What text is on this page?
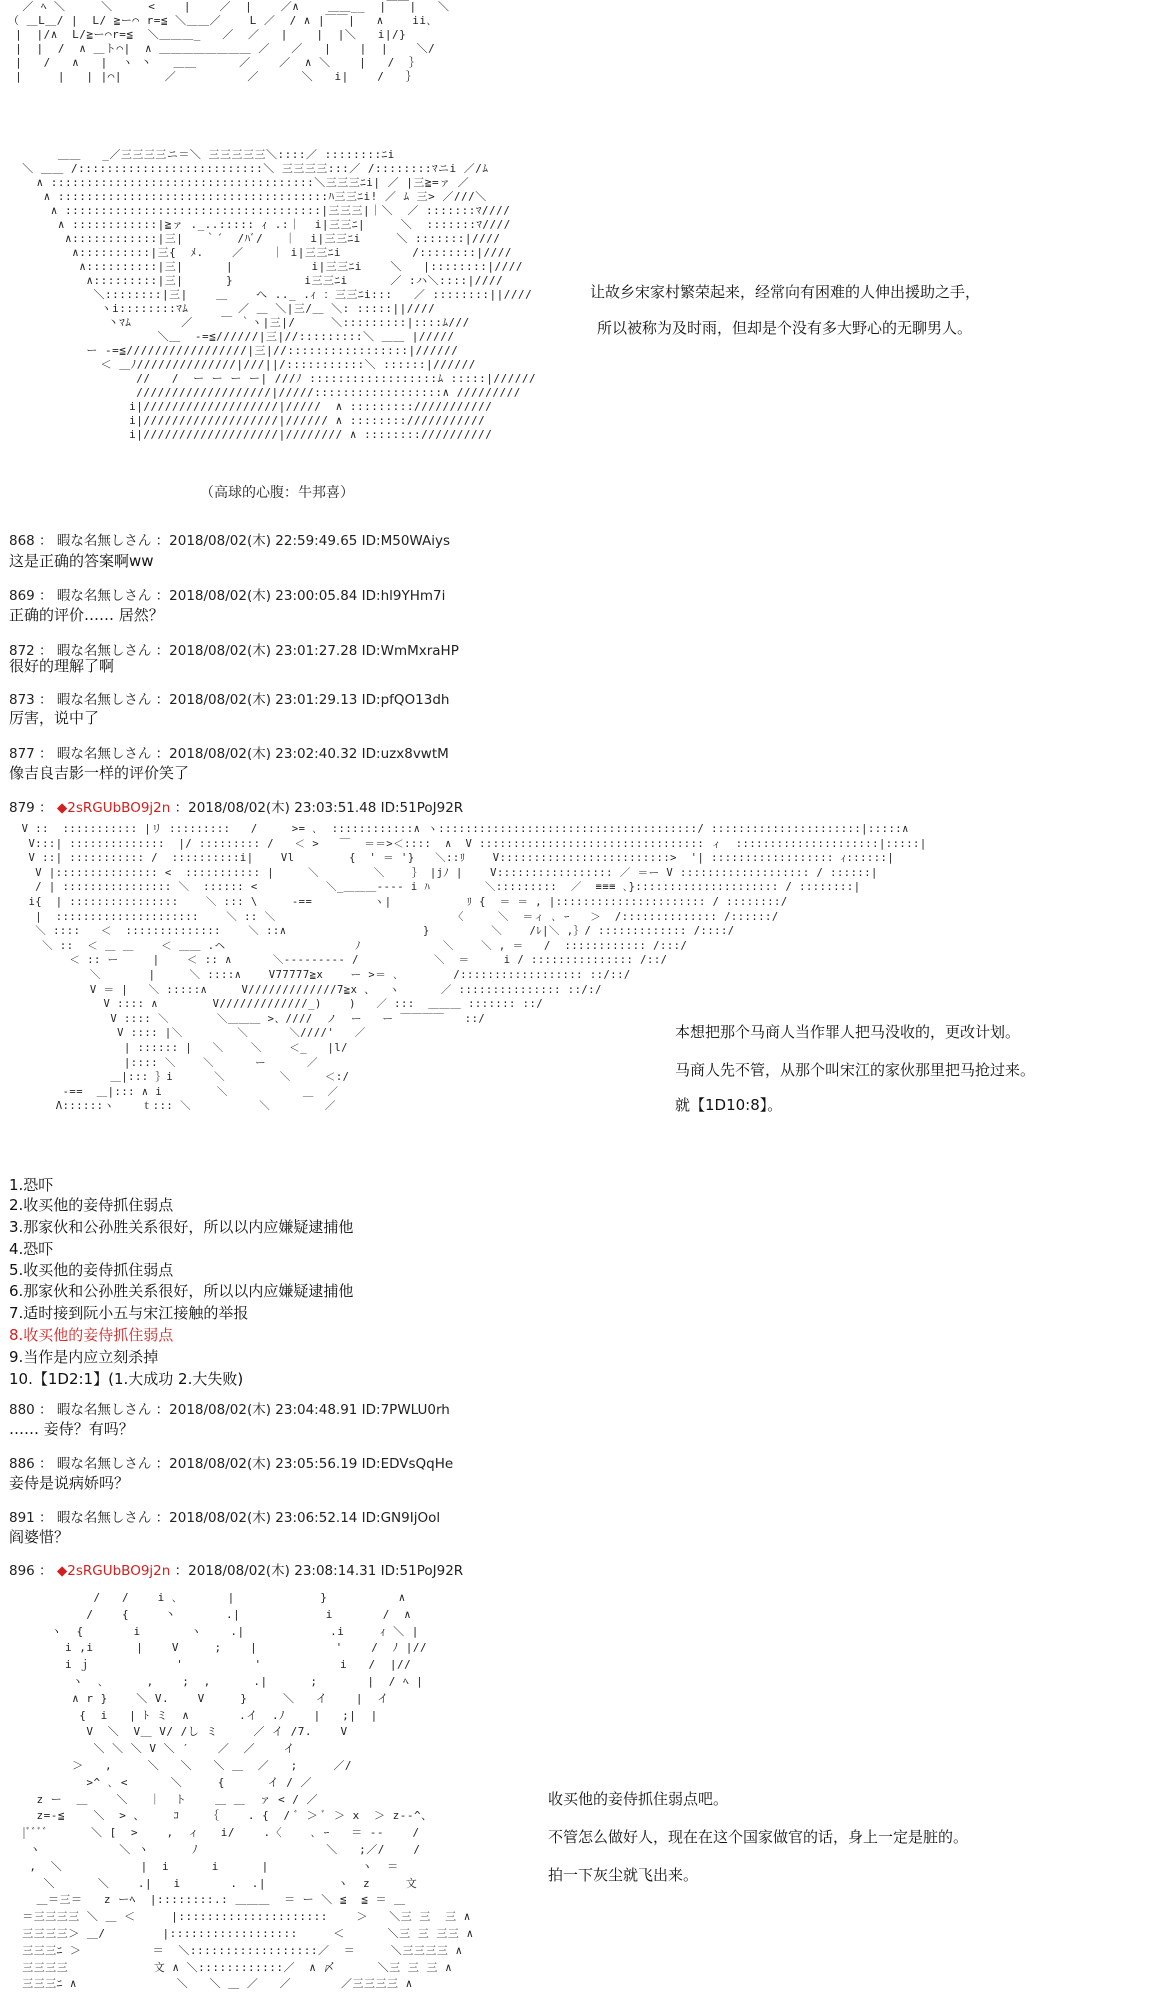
／ ﾍ ＼     ＼     <    |    ／  |    ／∧    ＿＿__  |￣￣|   ＼
（ ＿L＿/ |  L/ ≧ー⌒ r=≦ ＼＿＿／    L ／  / ∧ |￣￣|   ∧    ii､
|  |/∧  L/≧ー⌒r=≦  ＼＿＿＿_   ／  ／   |    |  |＼   i|/}
|  |  /  ∧ ＿ト⌒|  ∧ ＿＿＿＿＿＿＿＿ ／   ／   |    |  |    ＼/
|   /   ∧   |  ヽ 丶   ＿＿      ／    ／  ∧ ＼    |   /  ｝
|     |   | |⌒|      ／          ／      ＼   i|    /   ｝
＿＿   _／三三三三ニ＝＼ 三三三三三＼::::／ ::::::::ﾆi
＼ ＿＿ /::::::::::::::::::::::::::＼ 三三三三:::／ /::::::::ﾏニi ／/ﾑ
∧ :::::::::::::::::::::::::::::::::::::＼三三三ﾆi| ／ |三≧=ァ ／
∧ ::::::::::::::::::::::::::::::::::::::ﾊ三三ﾆi! ／ ﾑ 三> ／///＼
∧ ::::::::::::::::::::::::::::::::::::|三三三|｜＼  ／ :::::::ﾏ////
∧ ::::::::::::|≧ァ ._..::::: ｨ .:｜  i|三三ﾆ|     ＼  :::::::ﾏ////
∧::::::::::::|三|   ｀´  /ﾊﾞ/   ｜  i|三三ﾆi     ＼ :::::::|////
∧::::::::::|三{  ﾒ.    ／    ｜ i|三三ﾆi          /::::::::|////
∧::::::::::|三|      |           i|三三ﾆi    ＼   |::::::::|////
∧:::::::::|三|      }          i三三ﾆi      ／ :ハ＼::::|////
＼::::::::|三|    ＿    へ .._ .ｨ ：三三ﾆi:::   ／ ::::::::||////
ヽi::::::::ﾏﾑ       ／ ＿ ＼|三/＿ ＼: :::::||////
丶ﾏﾑ       ／    ￣ ｀ヽ|三|/     ＼:::::::::|::::ﾑ///
＼＿  -=≦//////|三|//:::::::::＼ ＿＿ |/////
ー -=≦/////////////////|三|//:::::::::::::::::|//////
＜ ＿ﾉ//////////////|///||/:::::::::::＼ ::::::|//////
//   /  ー ー ー ー| ///ﾉ ::::::::::::::::::ﾑ :::::|//////
///////////////////|/////::::::::::::::::::∧ /////////
i|///////////////////|/////  ∧ :::::::::///////////
i|///////////////////|////// ∧ ::::::::///////////
i|///////////////////|//////// ∧ :::::::://////////
（高球的心腹：牛邦喜）

让故乡宋家村繁荣起来，经常向有困难的人伸出援助之手，

所以被称为及时雨，但却是个没有多大野心的无聊男人。

868 ： 暇な名無しさん ：2018/08/02(木) 22:59:49.65 ID:M50WAiys

这是正确的答案啊ww

869 ： 暇な名無しさん ：2018/08/02(木) 23:00:05.84 ID:hl9YHm7i

正确的评价…… 居然？

872 ： 暇な名無しさん ：2018/08/02(木) 23:01:27.28 ID:WmMxraHP

很好的理解了啊

873 ： 暇な名無しさん ：2018/08/02(木) 23:01:29.13 ID:pfQO13dh

厉害，说中了

877 ： 暇な名無しさん ：2018/08/02(木) 23:02:40.32 ID:uzx8vwtM

像吉良吉影一样的评价笑了

879 ： ◆2sRGUbBO9j2n ：2018/08/02(木) 23:03:51.48 ID:51PoJ92R

V ::  ::::::::::: |リ :::::::::   /     >= ､  ::::::::::::∧ ヽ::::::::::::::::::::::::::::::::::::::/ ::::::::::::::::::::::|:::::∧
V:::| ::::::::::::::  |/ ::::::::: /   ＜ >   ￣  ＝＝>＜::::  ∧  V ::::::::::::::::::::::::::::::::: ィ  :::::::::::::::::::::|:::::|
V ::| ::::::::::: /  ::::::::::i|    Vl        {  ' ＝ '}   ＼::ﾘ    V:::::::::::::::::::::::::>  '| :::::::::::::::::: ｨ::::::|
V |::::::::::::::: <  ::::::::::: |     ＼        ＼    ｝ |jﾉ |    V::::::::::::::::: ／ ＝ー V ::::::::::::::::::: / ::::::|
/ | :::::::::::::::: ＼  :::::: <          ＼_＿＿＿---- i ﾊ        ＼:::::::::  ／  ≡≡≡ ､}::::::::::::::::::::: / ::::::::|
i{  | ::::::::::::::::    ＼ ::: \     -==         ヽ|           ﾘ {  ＝ ＝ , |:::::::::::::::::::::: / ::::::::/
|  :::::::::::::::::::::    ＼ :: ＼                          〈     ＼  ＝ィ ､ ｰ   ＞  /:::::::::::::: /::::::/
＼ ::::   ＜  ::::::::::::::    ＼ ::∧                    }         ＼    /ﾚ|＼ ,｝/ ::::::::::::: /::::/
＼ ::  ＜ ＿ ＿    ＜ ＿＿ .ヘ                   ﾉ            ＼    ＼ , ＝   /  :::::::::::: /:::/
＜ :: ー     |    ＜ :: ∧      ＼--------- /           ＼  ＝     i / ::::::::::::::: /::/
＼       |     ＼ ::::∧    V77777≧x    ー >＝ ､        /:::::::::::::::::: ::/::/
V ＝ |   ＼ :::::∧     V/////////////7≧x 、  ヽ      ／ ::::::::::::::: ::/:/
V :::: ∧        V/////////////_)    )   ／ :::  ＿＿＿ ::::::: ::/
V :::: ＼       ＼＿＿＿ >、////  ノ  ー   ー ￣￣￣￣   ::/
V :::: |＼        ＼      ＼////'   ／
| :::::: |   ＼    ＼    ＜_   |l/
|:::: ＼    ＼      ー      ／
＿|::: ｝i      ＼        ＼     ＜:/
-==  ＿|::: ∧ i        ＼           ＿  ／
Λ::::::ヽ    ｔ::: ＼          ＼        ／

本想把那个马商人当作罪人把马没收的，更改计划。

马商人先不管，从那个叫宋江的家伙那里把马抢过来。

就【1D10:8】。

1.恐吓

2.收买他的妾侍抓住弱点

3.那家伙和公孙胜关系很好，所以以内应嫌疑逮捕他

4.恐吓

5.收买他的妾侍抓住弱点

6.那家伙和公孙胜关系很好，所以以内应嫌疑逮捕他

7.适时接到阮小五与宋江接触的举报

8.收买他的妾侍抓住弱点

9.当作是内应立刻杀掉

10.【1D2:1】(1.大成功 2.大失败)

880 ： 暇な名無しさん ：2018/08/02(木) 23:04:48.91 ID:7PWLU0rh

…… 妾侍？有吗？

886 ： 暇な名無しさん ：2018/08/02(木) 23:05:56.19 ID:EDVsQqHe

妾侍是说病娇吗？

891 ： 暇な名無しさん ：2018/08/02(木) 23:06:52.14 ID:GN9IjOol

阎婆惜？

896 ： ◆2sRGUbBO9j2n ：2018/08/02(木) 23:08:14.31 ID:51PoJ92R

/   /    i ､       |            }          ∧
/    {     丶       .|            i       /  ∧
ヽ  {       i       ヽ    .|            .i     ｨ ＼ |
i ,i      |    V     ;    |           '    /  ﾉ |//
i ｊ            '          '           i   /  |//
ヽ  ､      ,    ;  ,      .|      ;       |  / ﾍ |
∧ r }    ＼ V.    V     }     ＼   イ    |  イ
{  i   | ﾄ ミ  ∧       .イ  .ﾉ    |   ;|  |
V  ＼  V＿ V/ /し ミ     ／ イ /7.    V
＼ ＼ ＼ V ＼ ′    ／  ／    イ
＞   ,     ＼   ＼   ＼ ＿  ／   ;     ／/
>^ ､ <      ＼     {      イ / ／
z ー  ＿    ＼   ｜  ト    ＿ ＿  ァ < / ／
z=-≦    ＼  > 、    ｺ    ｛    . {  / ﾞ ＞ ﾞ ＞ x  ＞ z--^、
|ﾞﾞﾞﾞ      ＼ [  >    ,  ィ   i/    .〈    ､ ｰ   ＝ --    /
ヽ           ＼ ヽ      ﾉ                  ＼   ;／/    /
,  ＼           |  i      i      |             ヽ  ＝
＼      ＼    .|   i       .  .|          ヽ  z     文
＿＝三＝   z ーﾍ  |::::::::.: ＿＿＿  ＝ ー ＼ ≦  ≦ ＝ ＿
＝三三三三 ＼ ＿ ＜     |:::::::::::::::::::::    ＞   ＼三 三  三 ∧
三三三三＞ ＿/        |::::::::::::::::::     ＜      ＼三 三 三三 ∧
三三三ﾆ ＞          ＝  ＼::::::::::::::::::／  ＝     ＼三三三三 ∧
三三三三            文 ∧ ＼::::::::::::／  ∧ 〆      ＼三 三 三 ∧
三三三ﾆ ∧              ＼   ＼ ＿ ／   ／       ／三三三三 ∧

收买他的妾侍抓住弱点吧。

不管怎么做好人，现在在这个国家做官的话，身上一定是脏的。

拍一下灰尘就飞出来。
